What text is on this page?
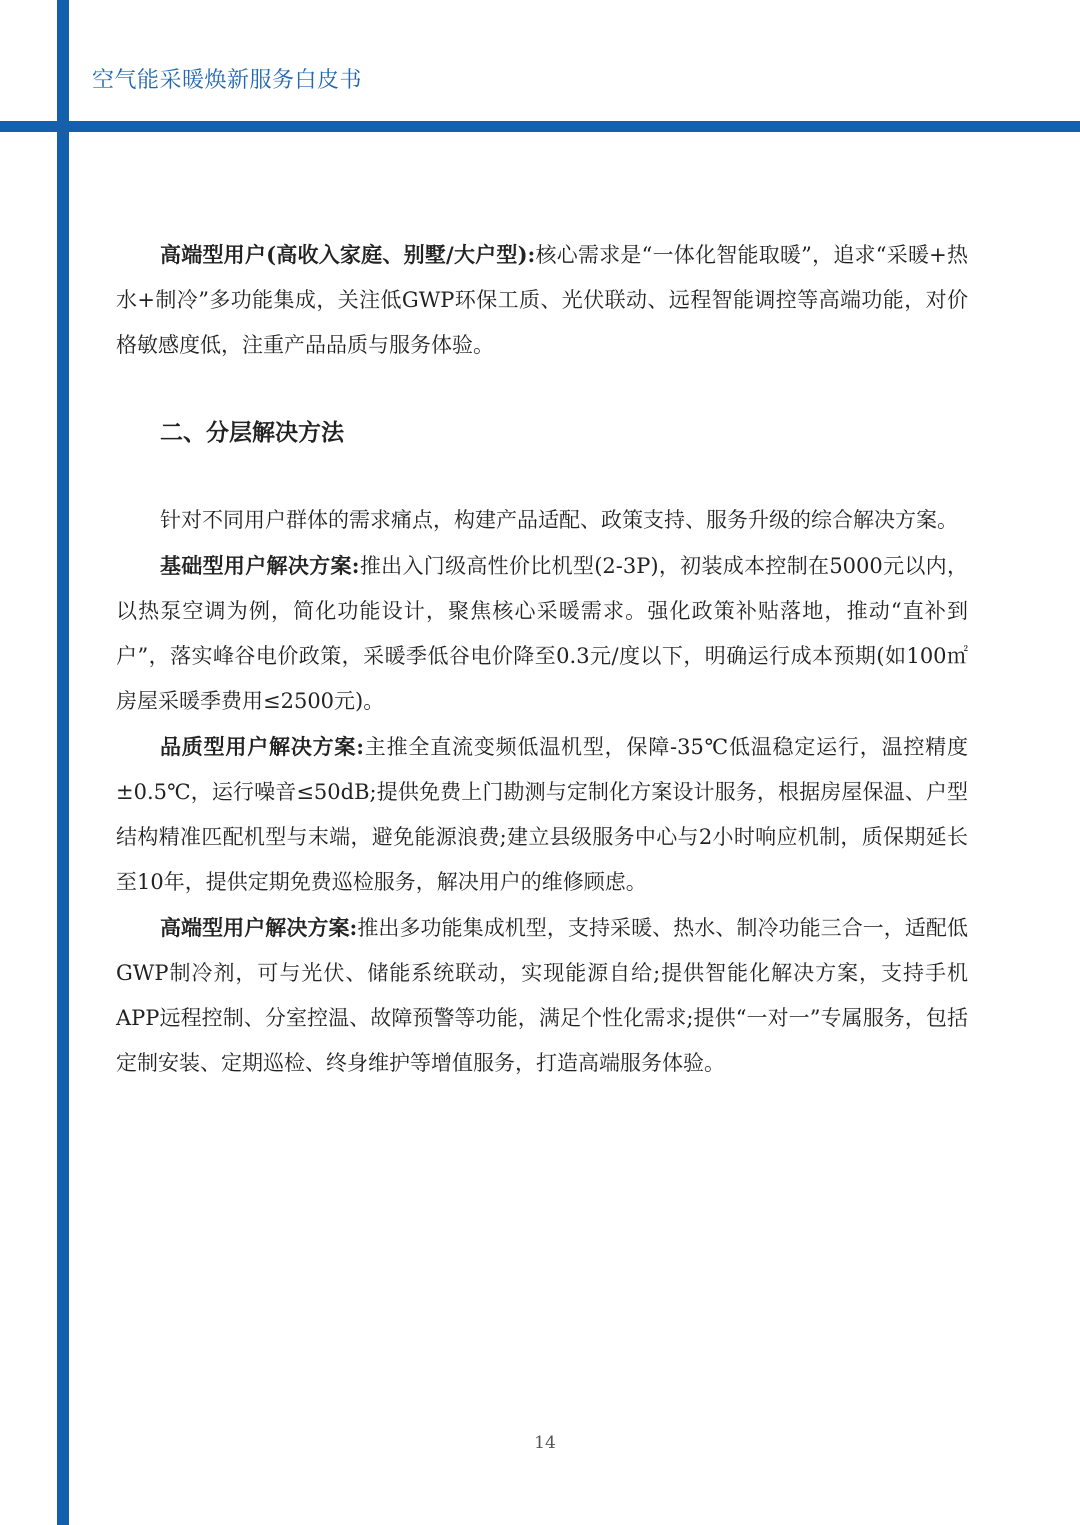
空气能采暖焕新服务白皮书

高端型用户(高收入家庭、别墅/大户型):核心需求是“一体化智能取暖”，追求“采暖+热水+制冷”多功能集成，关注低GWP环保工质、光伏联动、远程智能调控等高端功能，对价格敏感度低，注重产品品质与服务体验。

二、分层解决方法

针对不同用户群体的需求痛点，构建产品适配、政策支持、服务升级的综合解决方案。

基础型用户解决方案:推出入门级高性价比机型(2-3P)，初装成本控制在5000元以内，以热泵空调为例，简化功能设计，聚焦核心采暖需求。强化政策补贴落地，推动“直补到户”，落实峰谷电价政策，采暖季低谷电价降至0.3元/度以下，明确运行成本预期(如100㎡房屋采暖季费用≤2500元)。

品质型用户解决方案:主推全直流变频低温机型，保障-35℃低温稳定运行，温控精度±0.5℃，运行噪音≤50dB;提供免费上门勘测与定制化方案设计服务，根据房屋保温、户型结构精准匹配机型与末端，避免能源浪费;建立县级服务中心与2小时响应机制，质保期延长至10年，提供定期免费巡检服务，解决用户的维修顾虑。

高端型用户解决方案:推出多功能集成机型，支持采暖、热水、制冷功能三合一，适配低GWP制冷剂，可与光伏、储能系统联动，实现能源自给;提供智能化解决方案，支持手机APP远程控制、分室控温、故障预警等功能，满足个性化需求;提供“一对一”专属服务，包括定制安装、定期巡检、终身维护等增值服务，打造高端服务体验。

14
